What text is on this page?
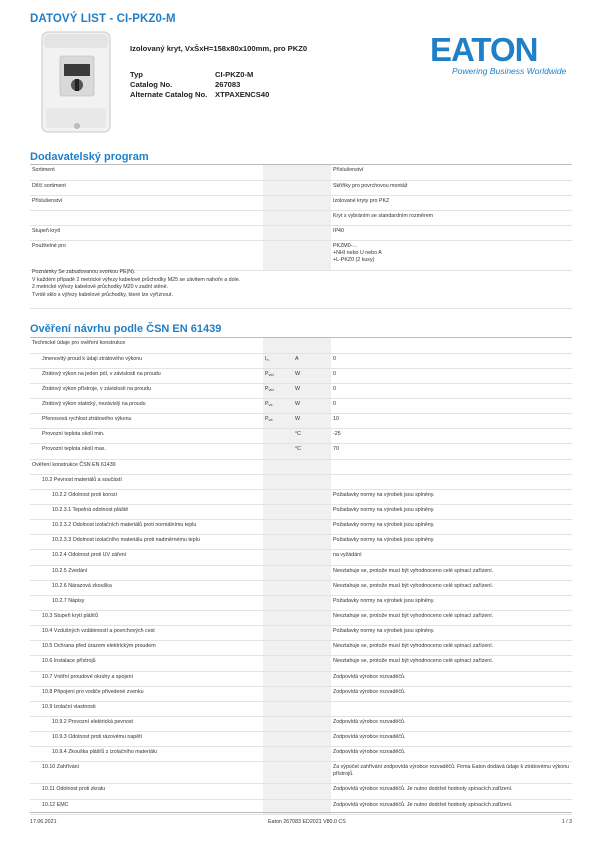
DATOVÝ LIST - CI-PKZ0-M
Izolovaný kryt, VxŠxH=158x80x100mm, pro PKZ0
Typ	CI-PKZ0-M
Catalog No.	267083
Alternate Catalog No.	XTPAXENCS40
EATON
Powering Business Worldwide
Dodavatelský program
Sortiment			Příslušenství
Dílčí sortiment			Skříňky pro povrchovou montáž
Příslušenství			Izolované kryty pro PKZ
			Kryt s vybráním se standardním rozměrem
Stupeň krytí			IP40
Použitelné pro			PKZM0-…
+NHI nebo U nebo A
+L-PKZ0 (2 kusy)
Poznámky Se zabudovanou svorkou PE(N).
V každém případě 2 metrické výřezy kabelové průchodky M25 se závitem nahoře a dole.
2 metrické výřezy kabelové průchodky M20 v zadní stěně.
Tvrdé sklo s výřezy kabelové průchodky, které lze vyříznout.
Ověření návrhu podle ČSN EN 61439
Technické údaje pro ověření konstrukce			
Jmenovitý proud k údaji ztrátového výkonu	$I_n$	A	0
Ztrátový výkon na jeden pól, v závislosti na proudu	$P_{vid}$	W	0
Ztrátový výkon přístroje, v závislosti na proudu	$P_{vid}$	W	0
Ztrátový výkon statický, nezávislý na proudu	$P_{vs}$	W	0
Přenosová rychlost ztrátového výkonu	$P_{ve}$	W	10
Provozní teplota okolí min.		°C	-25
Provozní teplota okolí max.		°C	70
Ověření konstrukce ČSN EN 61439			
10.2 Pevnost materiálů a součástí			
10.2.2 Odolnost proti korozi			Požadavky normy na výrobek jsou splněny.
10.2.3.1 Tepelná odolnost pláště			Požadavky normy na výrobek jsou splněny.
10.2.3.2 Odolnost izolačních materiálů proti normálnímu teplu			Požadavky normy na výrobek jsou splněny.
10.2.3.3 Odolnost izolačního materiálu proti nadměrnému teplu			Požadavky normy na výrobek jsou splněny.
10.2.4 Odolnost proti UV záření			na vyžádání
10.2.5 Zvedání			Nevztahuje se, protože musí být vyhodnoceno celé spínací zařízení.
10.2.6 Nárazová zkouška			Nevztahuje se, protože musí být vyhodnoceno celé spínací zařízení.
10.2.7 Nápisy			Požadavky normy na výrobek jsou splněny.
10.3 Stupeň krytí plášťů			Nevztahuje se, protože musí být vyhodnoceno celé spínací zařízení.
10.4 Vzdušných vzdáleností a povrchových cest			Požadavky normy na výrobek jsou splněny.
10.5 Ochrana před úrazem elektrickým proudem			Nevztahuje se, protože musí být vyhodnoceno celé spínací zařízení.
10.6 Instalace přístrojů			Nevztahuje se, protože musí být vyhodnoceno celé spínací zařízení.
10.7 Vnitřní proudové okruhy a spojení			Zodpovídá výrobce rozvaděčů.
10.8 Připojení pro vodiče přivedené zvenku			Zodpovídá výrobce rozvaděčů.
10.9 Izolační vlastnosti			
10.9.2 Provozní elektrická pevnost			Zodpovídá výrobce rozvaděčů.
10.9.3 Odolnost proti rázovému napětí			Zodpovídá výrobce rozvaděčů.
10.9.4 Zkouška plášťů z izolačního materiálu			Zodpovídá výrobce rozvaděčů.
10.10 Zahřívání			Za výpočet zahřívání zodpovídá výrobce rozvaděčů. Firma Eaton dodává údaje k ztrátovému výkonu přístrojů.
10.11 Odolnost proti zkratu			Zodpovídá výrobce rozvaděčů. Je nutno dodržet hodnoty spínacích zařízení.
10.12 EMC			Zodpovídá výrobce rozvaděčů. Je nutno dodržet hodnoty spínacích zařízení.
17.06.2021	Eaton 267083 ED2021 V80.0 CS	1 / 3
